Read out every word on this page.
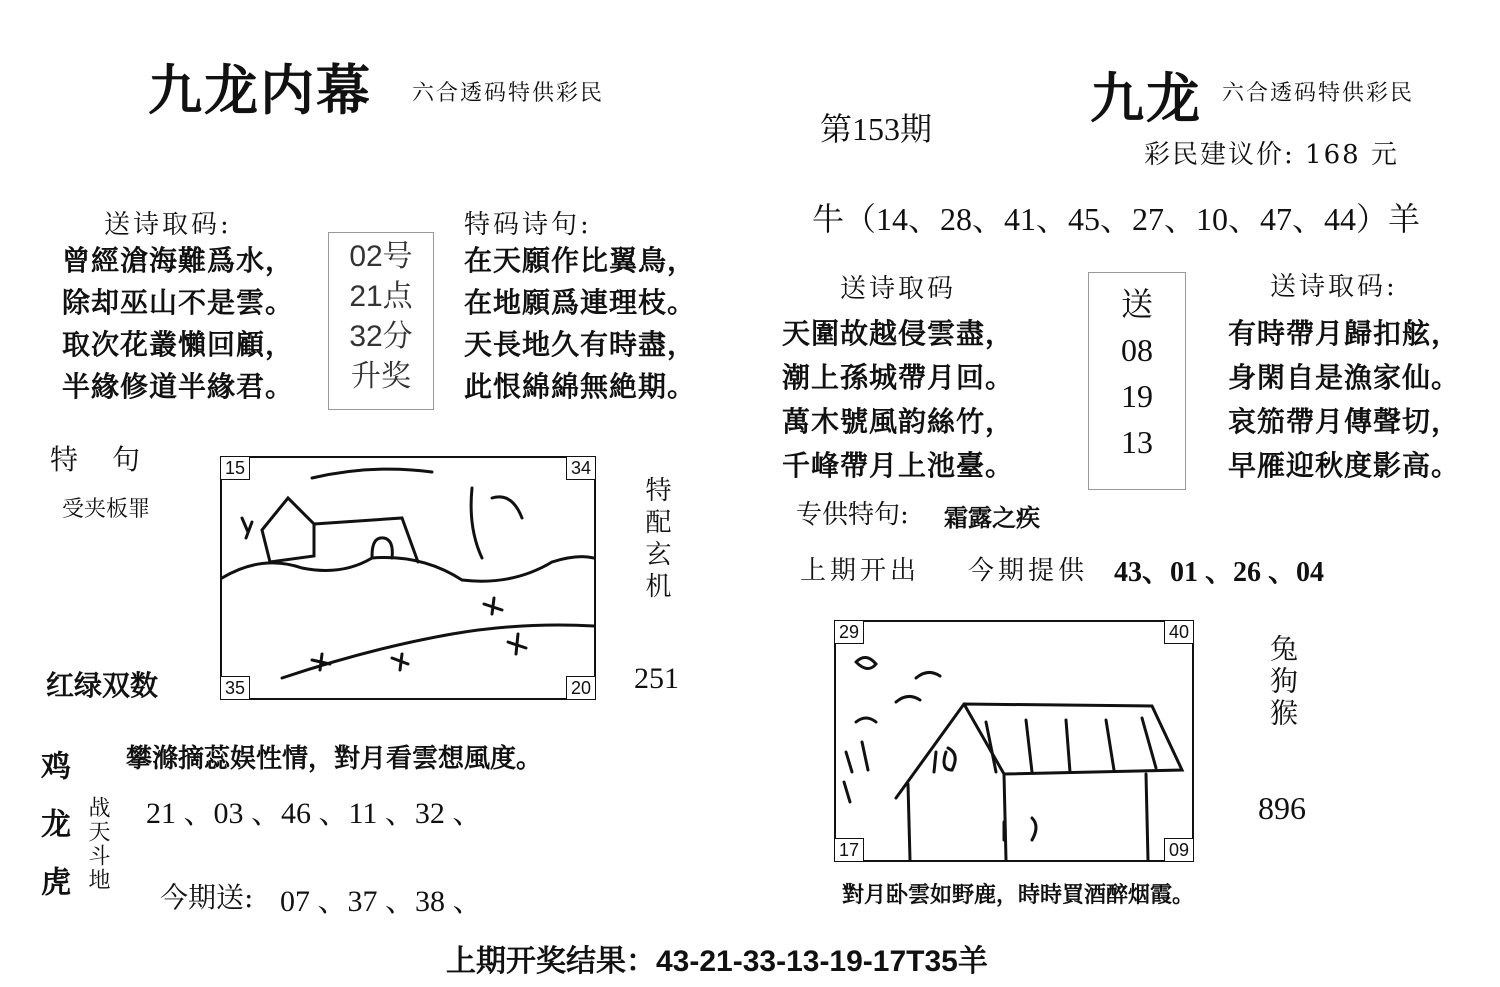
九龙内幕 六合透码特供彩民
送诗取码:
曾經滄海難爲水，
除却巫山不是雲。
取次花叢懶回顧，
半緣修道半緣君。
02号
21点
32分
升奖
特码诗句:
在天願作比翼鳥，
在地願爲連理枝。
天長地久有時盡，
此恨綿綿無絶期。
特　句
受夹板罪
红绿双数
15	34
35	20
特配玄机
251
攀滌摘蕊娱性情，對月看雲想風度。
鸡龙虎 战天斗地 21 、03 、46 、11 、32 、
今期送: 07 、37 、38 、
九龙 六合透码特供彩民
第153期
彩民建议价: 168 元
牛（14、28、41、45、27、10、47、44）羊
送诗取码
天圍故越侵雲盡，
潮上孫城帶月回。
萬木號風韵絲竹，
千峰帶月上池臺。
送
08
19
13
送诗取码:
有時帶月歸扣舷，
身閑自是漁家仙。
哀笳帶月傳聲切，
早雁迎秋度影高。
专供特句: 霜露之疾
上期开出 今期提供 43、01 、26 、04
29	40
17	09
兔狗猴
896
對月卧雲如野鹿，時時買酒醉烟霞。
上期开奖结果：43-21-33-13-19-17T35羊
